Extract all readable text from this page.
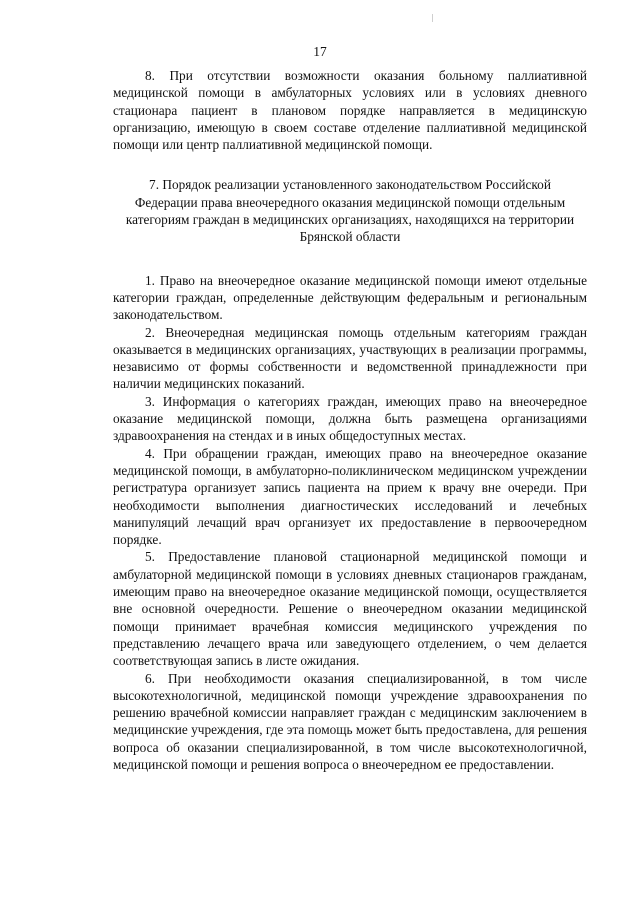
17

8. При отсутствии возможности оказания больному паллиативной медицинской помощи в амбулаторных условиях или в условиях дневного стационара пациент в плановом порядке направляется в медицинскую организацию, имеющую в своем составе отделение паллиативной медицинской помощи или центр паллиативной медицинской помощи.

7. Порядок реализации установленного законодательством Российской Федерации права внеочередного оказания медицинской помощи отдельным категориям граждан в медицинских организациях, находящихся на территории Брянской области

1. Право на внеочередное оказание медицинской помощи имеют отдельные категории граждан, определенные действующим федеральным и региональным законодательством.

2. Внеочередная медицинская помощь отдельным категориям граждан оказывается в медицинских организациях, участвующих в реализации программы, независимо от формы собственности и ведомственной принадлежности при наличии медицинских показаний.

3. Информация о категориях граждан, имеющих право на внеочередное оказание медицинской помощи, должна быть размещена организациями здравоохранения на стендах и в иных общедоступных местах.

4. При обращении граждан, имеющих право на внеочередное оказание медицинской помощи, в амбулаторно-поликлиническом медицинском учреждении регистратура организует запись пациента на прием к врачу вне очереди. При необходимости выполнения диагностических исследований и лечебных манипуляций лечащий врач организует их предоставление в первоочередном порядке.

5. Предоставление плановой стационарной медицинской помощи и амбулаторной медицинской помощи в условиях дневных стационаров гражданам, имеющим право на внеочередное оказание медицинской помощи, осуществляется вне основной очередности. Решение о внеочередном оказании медицинской помощи принимает врачебная комиссия медицинского учреждения по представлению лечащего врача или заведующего отделением, о чем делается соответствующая запись в листе ожидания.

6. При необходимости оказания специализированной, в том числе высокотехнологичной, медицинской помощи учреждение здравоохранения по решению врачебной комиссии направляет граждан с медицинским заключением в медицинские учреждения, где эта помощь может быть предоставлена, для решения вопроса об оказании специализированной, в том числе высокотехнологичной, медицинской помощи и решения вопроса о внеочередном ее предоставлении.
